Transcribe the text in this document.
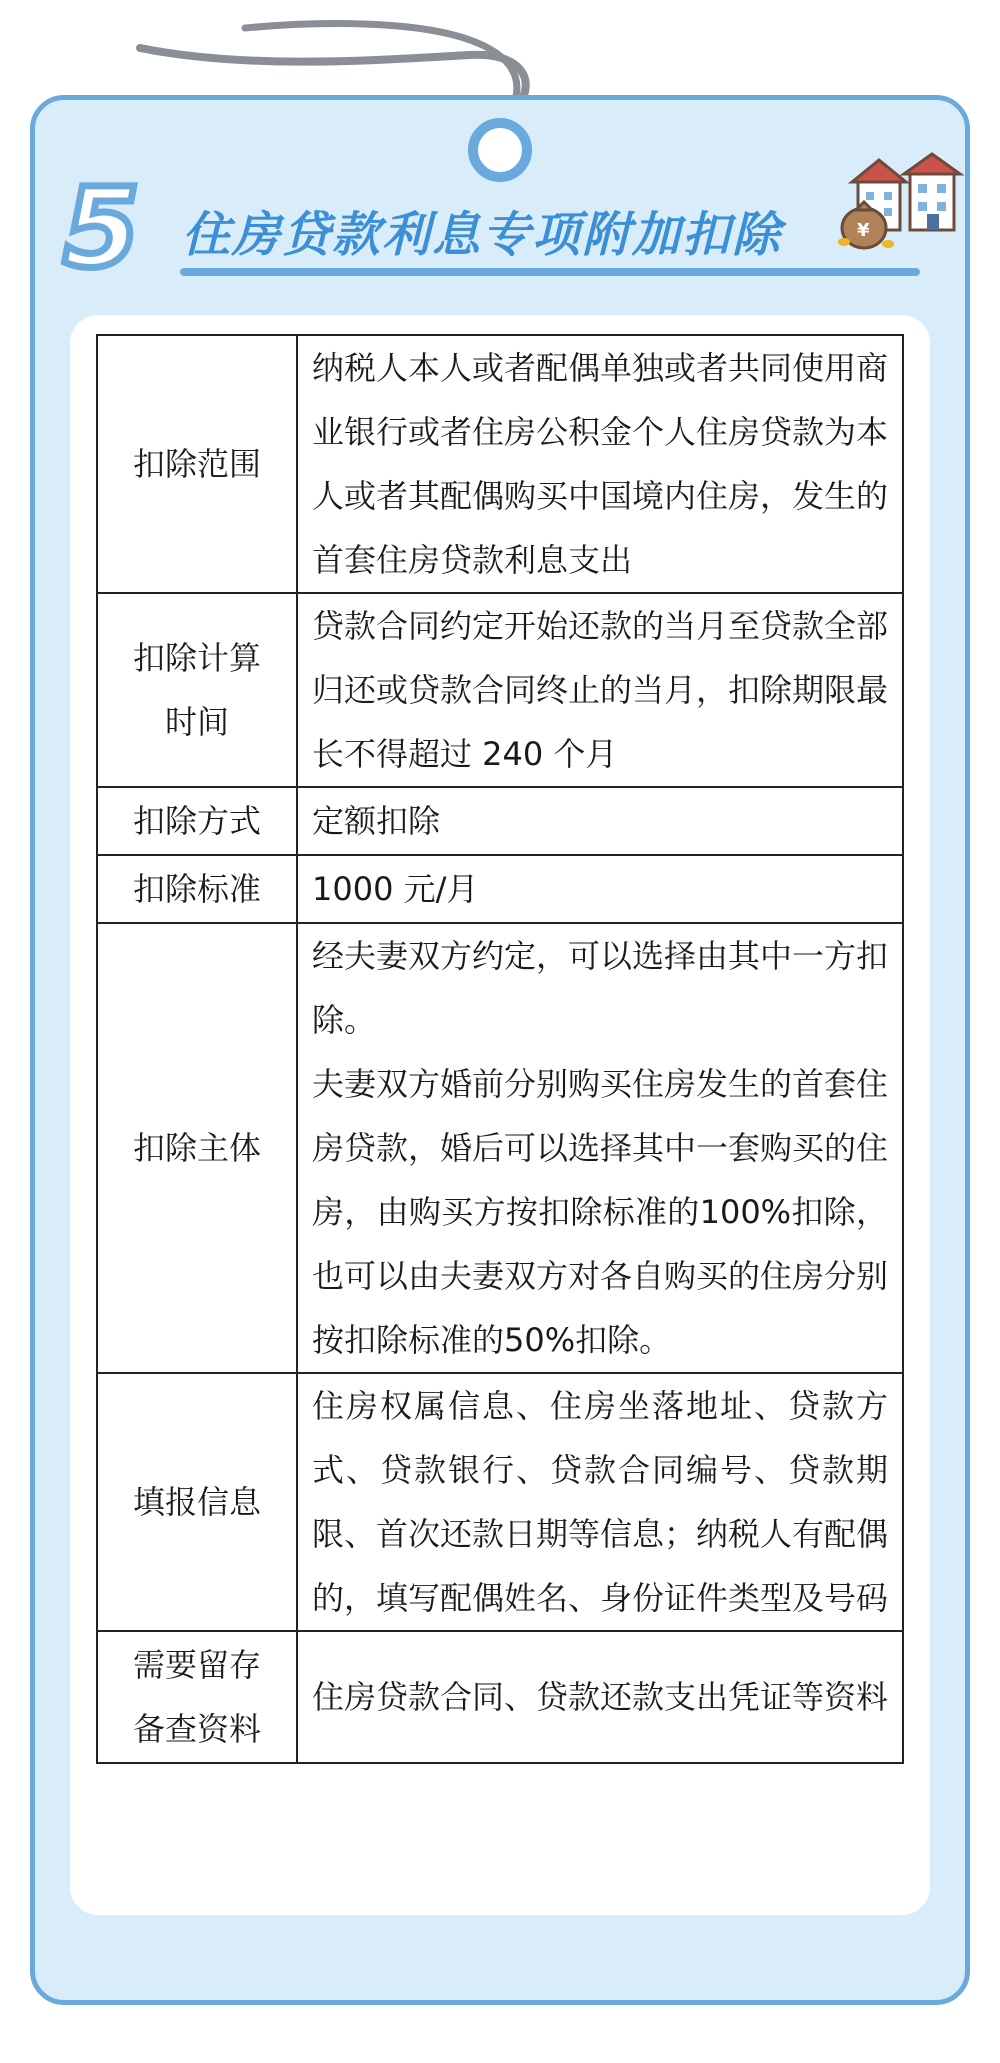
5 住房贷款利息专项附加扣除	¥
扣除范围	纳税人本人或者配偶单独或者共同使用商业银行或者住房公积金个人住房贷款为本人或者其配偶购买中国境内住房，发生的首套住房贷款利息支出

扣除计算时间	贷款合同约定开始还款的当月至贷款全部归还或贷款合同终止的当月，扣除期限最长不得超过 240 个月

扣除方式	定额扣除

扣除标准	1000 元/月

扣除主体	经夫妻双方约定，可以选择由其中一方扣除。
夫妻双方婚前分别购买住房发生的首套住房贷款，婚后可以选择其中一套购买的住房，由购买方按扣除标准的100%扣除，也可以由夫妻双方对各自购买的住房分别按扣除标准的50%扣除。

填报信息	住房权属信息、住房坐落地址、贷款方式、贷款银行、贷款合同编号、贷款期限、首次还款日期等信息；纳税人有配偶的，填写配偶姓名、身份证件类型及号码

需要留存备查资料	住房贷款合同、贷款还款支出凭证等资料
